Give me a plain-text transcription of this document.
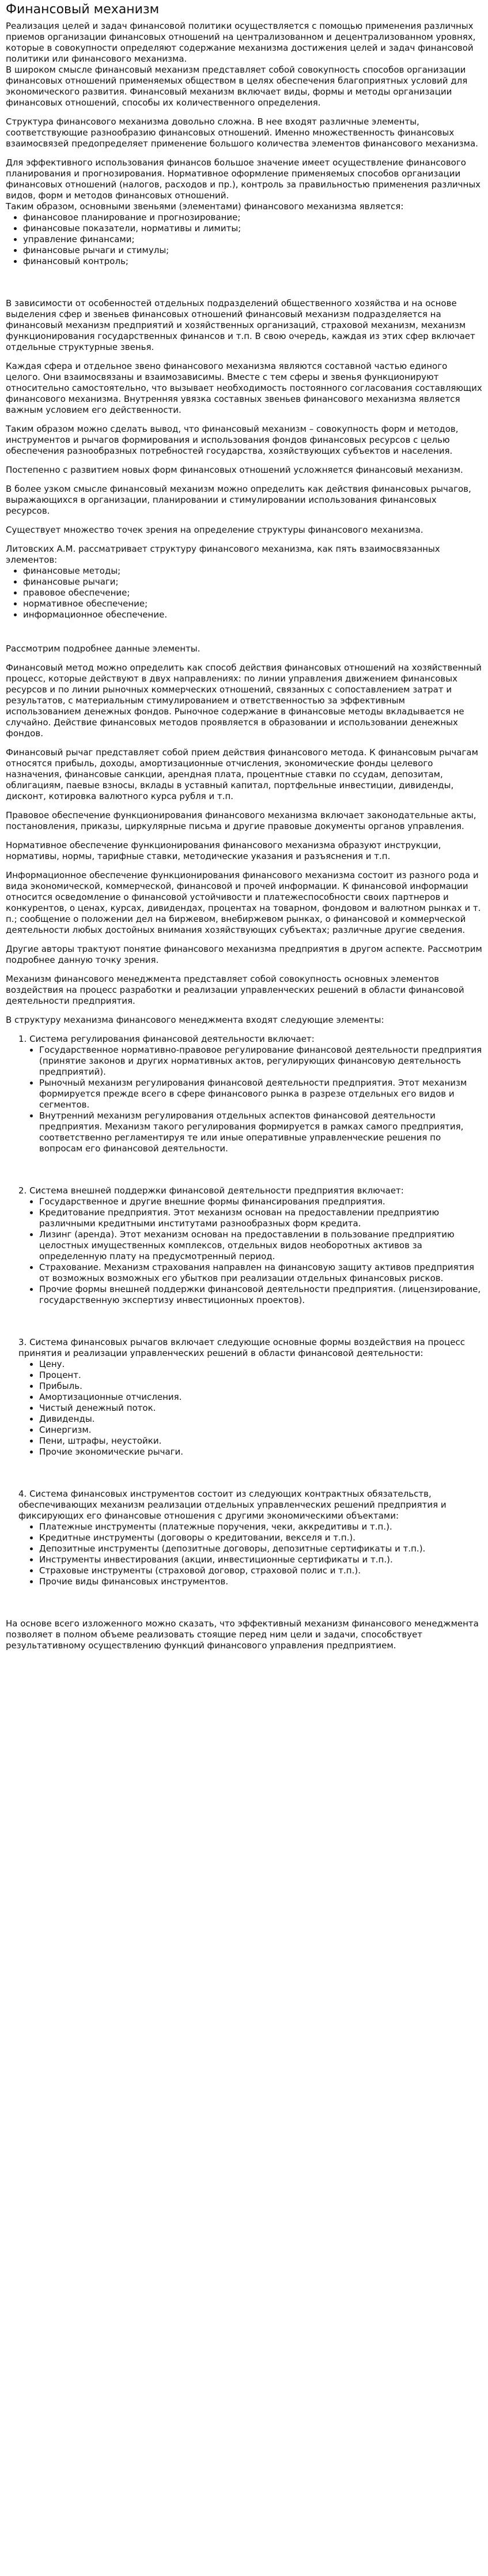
Финансовый механизм

Реализация целей и задач финансовой политики осуществляется с помощью применения различных приемов организации финансовых отношений на централизованном и децентрализованном уровнях, которые в совокупности определяют содержание механизма достижения целей и задач финансовой политики или финансового механизма.

В широком смысле финансовый механизм представляет собой совокупность способов организации финансовых отношений применяемых обществом в целях обеспечения благоприятных условий для экономического развития. Финансовый механизм включает виды, формы и методы организации финансовых отношений, способы их количественного определения.

Структура финансового механизма довольно сложна. В нее входят различные элементы, соответствующие разнообразию финансовых отношений. Именно множественность финансовых взаимосвязей предопределяет применение большого количества элементов финансового механизма.

Для эффективного использования финансов большое значение имеет осуществление финансового планирования и прогнозирования. Нормативное оформление применяемых способов организации финансовых отношений (налогов, расходов и пр.), контроль за правильностью применения различных видов, форм и методов финансовых отношений.

Таким образом, основными звеньями (элементами) финансового механизма является:

• финансовое планирование и прогнозирование;
• финансовые показатели, нормативы и лимиты;
• управление финансами;
• финансовые рычаги и стимулы;
• финансовый контроль;

В зависимости от особенностей отдельных подразделений общественного хозяйства и на основе выделения сфер и звеньев финансовых отношений финансовый механизм подразделяется на финансовый механизм предприятий и хозяйственных организаций, страховой механизм, механизм функционирования государственных финансов и т.п. В свою очередь, каждая из этих сфер включает отдельные структурные звенья.

Каждая сфера и отдельное звено финансового механизма являются составной частью единого целого. Они взаимосвязаны и взаимозависимы. Вместе с тем сферы и звенья функционируют относительно самостоятельно, что вызывает необходимость постоянного согласования составляющих финансового механизма. Внутренняя увязка составных звеньев финансового механизма является важным условием его действенности.

Таким образом можно сделать вывод, что финансовый механизм – совокупность форм и методов, инструментов и рычагов формирования и использования фондов финансовых ресурсов с целью обеспечения разнообразных потребностей государства, хозяйствующих субъектов и населения.

Постепенно с развитием новых форм финансовых отношений усложняется финансовый механизм.

В более узком смысле финансовый механизм можно определить как действия финансовых рычагов, выражающихся в организации, планировании и стимулировании использования финансовых ресурсов.

Существует множество точек зрения на определение структуры финансового механизма.

Литовских А.М. рассматривает структуру финансового механизма, как пять взаимосвязанных элементов:

• финансовые методы;
• финансовые рычаги;
• правовое обеспечение;
• нормативное обеспечение;
• информационное обеспечение.

Рассмотрим подробнее данные элементы.

Финансовый метод можно определить как способ действия финансовых отношений на хозяйственный процесс, которые действуют в двух направлениях: по линии управления движением финансовых ресурсов и по линии рыночных коммерческих отношений, связанных с сопоставлением затрат и результатов, с материальным стимулированием и ответственностью за эффективным использованием денежных фондов. Рыночное содержание в финансовые методы вкладывается не случайно. Действие финансовых методов проявляется в образовании и использовании денежных фондов.

Финансовый рычаг представляет собой прием действия финансового метода. К финансовым рычагам относятся прибыль, доходы, амортизационные отчисления, экономические фонды целевого назначения, финансовые санкции, арендная плата, процентные ставки по ссудам, депозитам, облигациям, паевые взносы, вклады в уставный капитал, портфельные инвестиции, дивиденды, дисконт, котировка валютного курса рубля и т.п.

Правовое обеспечение функционирования финансового механизма включает законодательные акты, постановления, приказы, циркулярные письма и другие правовые документы органов управления.

Нормативное обеспечение функционирования финансового механизма образуют инструкции, нормативы, нормы, тарифные ставки, методические указания и разъяснения и т.п.

Информационное обеспечение функционирования финансового механизма состоит из разного рода и вида экономической, коммерческой, финансовой и прочей информации. К финансовой информации относится осведомление о финансовой устойчивости и платежеспособности своих партнеров и конкурентов, о ценах, курсах, дивидендах, процентах на товарном, фондовом и валютном рынках и т. п.; сообщение о положении дел на биржевом, внебиржевом рынках, о финансовой и коммерческой деятельности любых достойных внимания хозяйствующих субъектах; различные другие сведения.

Другие авторы трактуют понятие финансового механизма предприятия в другом аспекте. Рассмотрим подробнее данную точку зрения.

Механизм финансового менеджмента представляет собой совокупность основных элементов воздействия на процесс разработки и реализации управленческих решений в области финансовой деятельности предприятия.

В структуру механизма финансового менеджмента входят следующие элементы:

1. Система регулирования финансовой деятельности включает:

• Государственное нормативно-правовое регулирование финансовой деятельности предприятия (принятие законов и других нормативных актов, регулирующих финансовую деятельность предприятий).
• Рыночный механизм регулирования финансовой деятельности предприятия. Этот механизм формируется прежде всего в сфере финансового рынка в разрезе отдельных его видов и сегментов.
• Внутренний механизм регулирования отдельных аспектов финансовой деятельности предприятия. Механизм такого регулирования формируется в рамках самого предприятия, соответственно регламентируя те или иные оперативные управленческие решения по вопросам его финансовой деятельности.

2. Система внешней поддержки финансовой деятельности предприятия включает:

• Государственное и другие внешние формы финансирования предприятия.
• Кредитование предприятия. Этот механизм основан на предоставлении предприятию различными кредитными институтами разнообразных форм кредита.
• Лизинг (аренда). Этот механизм основан на предоставлении в пользование предприятию целостных имущественных комплексов, отдельных видов необоротных активов за определенную плату на предусмотренный период.
• Страхование. Механизм страхования направлен на финансовую защиту активов предприятия от возможных возможных его убытков при реализации отдельных финансовых рисков.
• Прочие формы внешней поддержки финансовой деятельности предприятия. (лицензирование, государственную экспертизу инвестиционных проектов).

3. Система финансовых рычагов включает следующие основные формы воздействия на процесс принятия и реализации управленческих решений в области финансовой деятельности:

• Цену.
• Процент.
• Прибыль.
• Амортизационные отчисления.
• Чистый денежный поток.
• Дивиденды.
• Синергизм.
• Пени, штрафы, неустойки.
• Прочие экономические рычаги.

4. Система финансовых инструментов состоит из следующих контрактных обязательств, обеспечивающих механизм реализации отдельных управленческих решений предприятия и фиксирующих его финансовые отношения с другими экономическими объектами:

• Платежные инструменты (платежные поручения, чеки, аккредитивы и т.п.).
• Кредитные инструменты (договоры о кредитовании, векселя и т.п.).
• Депозитные инструменты (депозитные договоры, депозитные сертификаты и т.п.).
• Инструменты инвестирования (акции, инвестиционные сертификаты и т.п.).
• Страховые инструменты (страховой договор, страховой полис и т.п.).
• Прочие виды финансовых инструментов.

На основе всего изложенного можно сказать, что эффективный механизм финансового менеджмента позволяет в полном объеме реализовать стоящие перед ним цели и задачи, способствует результативному осуществлению функций финансового управления предприятием.
